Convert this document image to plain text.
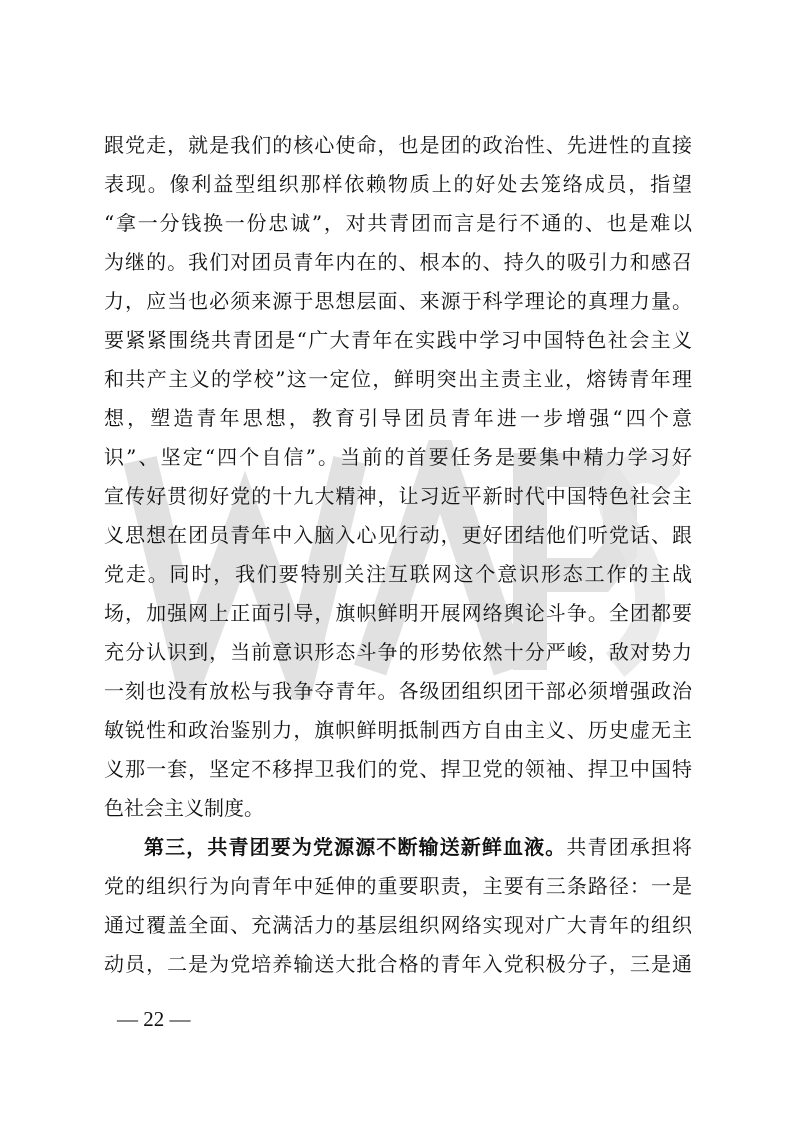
跟党走，就是我们的核心使命，也是团的政治性、先进性的直接
表现。像利益型组织那样依赖物质上的好处去笼络成员，指望
“拿一分钱换一份忠诚”，对共青团而言是行不通的、也是难以
为继的。我们对团员青年内在的、根本的、持久的吸引力和感召
力，应当也必须来源于思想层面、来源于科学理论的真理力量。
要紧紧围绕共青团是“广大青年在实践中学习中国特色社会主义
和共产主义的学校”这一定位，鲜明突出主责主业，熔铸青年理
想，塑造青年思想，教育引导团员青年进一步增强“四个意
识”、坚定“四个自信”。当前的首要任务是要集中精力学习好
宣传好贯彻好党的十九大精神，让习近平新时代中国特色社会主
义思想在团员青年中入脑入心见行动，更好团结他们听党话、跟
党走。同时，我们要特别关注互联网这个意识形态工作的主战
场，加强网上正面引导，旗帜鲜明开展网络舆论斗争。全团都要
充分认识到，当前意识形态斗争的形势依然十分严峻，敌对势力
一刻也没有放松与我争夺青年。各级团组织团干部必须增强政治
敏锐性和政治鉴别力，旗帜鲜明抵制西方自由主义、历史虚无主
义那一套，坚定不移捍卫我们的党、捍卫党的领袖、捍卫中国特
色社会主义制度。
第三，共青团要为党源源不断输送新鲜血液。共青团承担将
党的组织行为向青年中延伸的重要职责，主要有三条路径：一是
通过覆盖全面、充满活力的基层组织网络实现对广大青年的组织
动员，二是为党培养输送大批合格的青年入党积极分子，三是通
— 22 —
